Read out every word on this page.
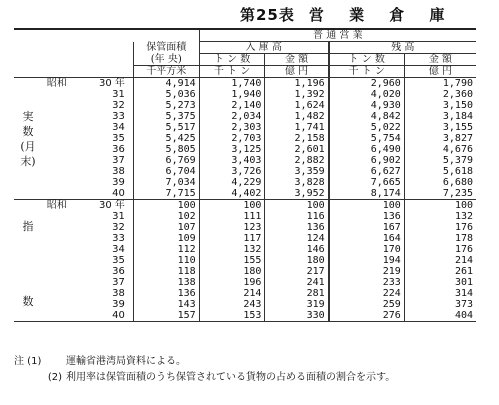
第25表 営 業 倉 庫
			普 通 営 業			
		保管面積	入 庫 高		残 高	
		(年 央)	ト ン 数	金 額	ト ン 数	金 額
		千平方米	千 ト ン	億 円	千 ト ン	億 円

実
数
(月
末)	昭和 30 年	4,914	1,740	1,196	2,960	1,790

31	5,036	1,940	1,392	4,020	2,360

32	5,273	2,140	1,624	4,930	3,150

33	5,375	2,034	1,482	4,842	3,184

34	5,517	2,303	1,741	5,022	3,155

35	5,425	2,703	2,158	5,754	3,827

36	5,805	3,125	2,601	6,490	4,676

37	6,769	3,403	2,882	6,902	5,379

38	6,704	3,726	3,359	6,627	5,618

39	7,034	4,229	3,828	7,665	6,680

40	7,715	4,402	3,952	8,174	7,235

指
数	昭和 30 年	100	100	100	100	100

31	102	111	116	136	132

32	107	123	136	167	176

33	109	117	124	164	178

34	112	132	146	170	176

35	110	155	180	194	214

36	118	180	217	219	261

37	138	196	241	233	301

38	136	214	281	224	314

39	143	243	319	259	373

40	157	153	330	276	404
注 (1) 運輸省港湾局資料による。
(2) 利用率は保管面積のうち保管されている貨物の占める面積の割合を示す。
